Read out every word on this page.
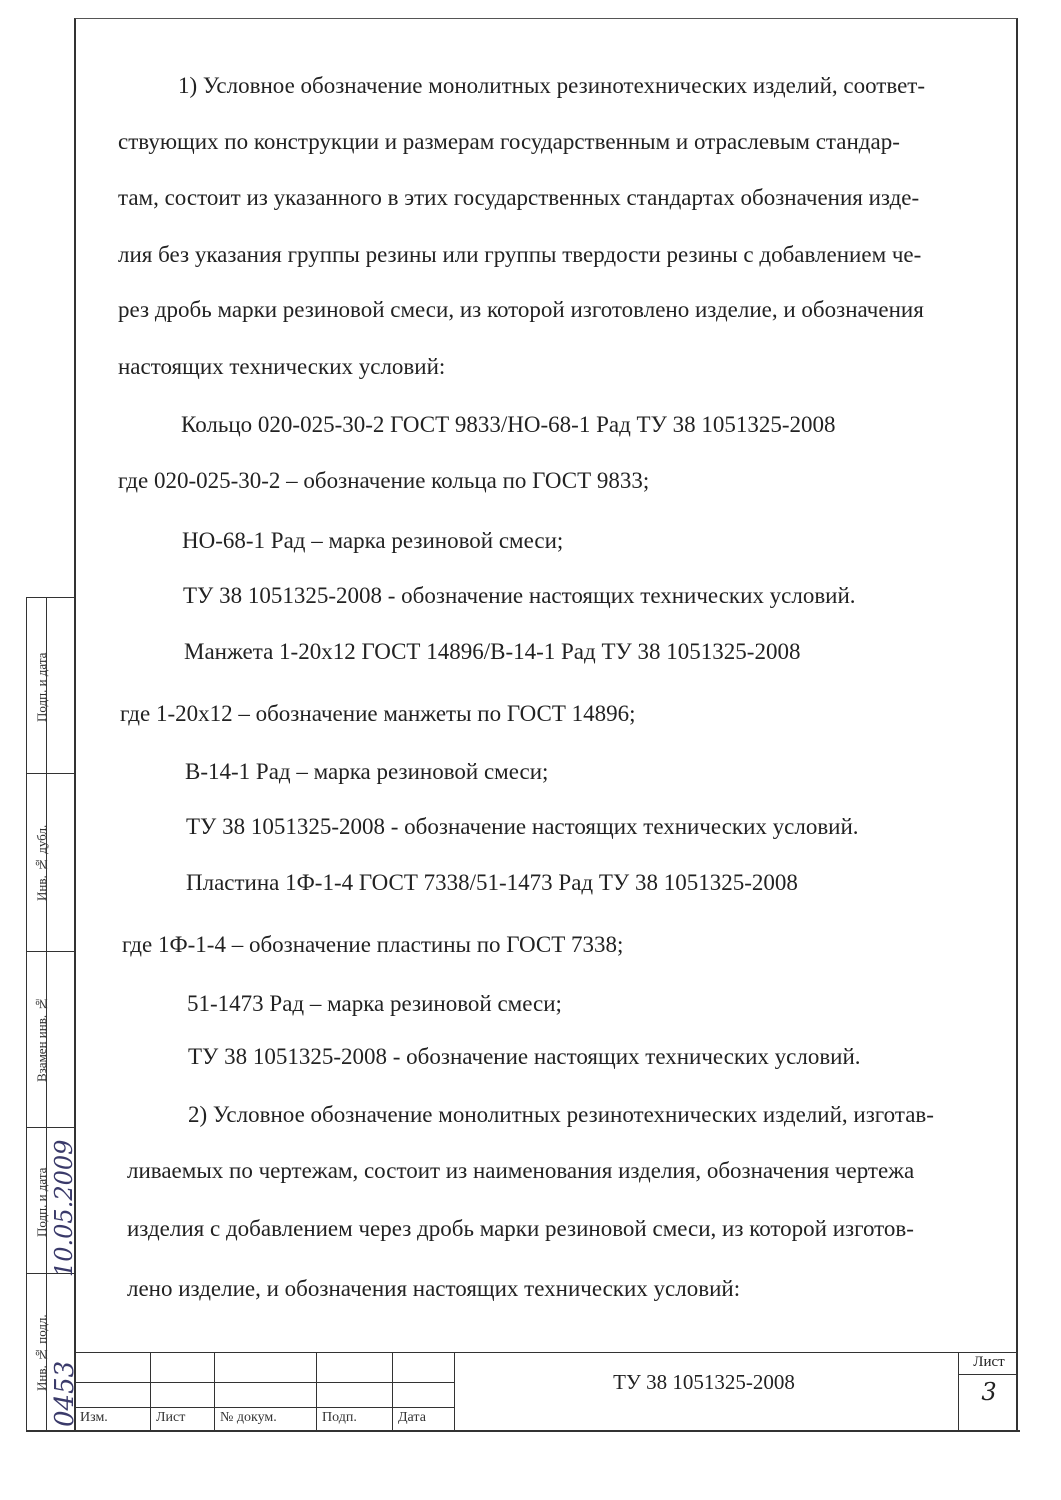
1) Условное обозначение монолитных резинотехнических изделий, соответ-
ствующих по конструкции и размерам государственным и отраслевым стандар-
там, состоит из указанного в этих государственных стандартах обозначения изде-
лия без указания группы резины или группы твердости резины с добавлением че-
рез дробь марки резиновой смеси, из которой изготовлено изделие, и обозначения
настоящих технических условий:
Кольцо 020-025-30-2 ГОСТ 9833/НО-68-1 Рад ТУ 38 1051325-2008
где 020-025-30-2 – обозначение кольца по ГОСТ 9833;
НО-68-1 Рад – марка резиновой смеси;
ТУ 38 1051325-2008 - обозначение настоящих технических условий.
Манжета 1-20х12 ГОСТ 14896/В-14-1 Рад ТУ 38 1051325-2008
где 1-20х12 – обозначение манжеты по ГОСТ 14896;
В-14-1 Рад – марка резиновой смеси;
ТУ 38 1051325-2008 - обозначение настоящих технических условий.
Пластина 1Ф-1-4 ГОСТ 7338/51-1473 Рад ТУ 38 1051325-2008
где 1Ф-1-4 – обозначение пластины по ГОСТ 7338;
51-1473 Рад – марка резиновой смеси;
ТУ 38 1051325-2008 - обозначение настоящих технических условий.
2) Условное обозначение монолитных резинотехнических изделий, изготав-
ливаемых по чертежам, состоит из наименования изделия, обозначения чертежа
изделия с добавлением через дробь марки резиновой смеси, из которой изготов-
лено изделие, и обозначения настоящих технических условий:
Подп. и дата
Инв. № дубл.
Взамен инв. №
Подп. и дата
Инв. № подл.
10.05.2009
0453 Изм.	Лист № докум.	Подп.	Дата
ТУ 38 1051325-2008
Лист
3
